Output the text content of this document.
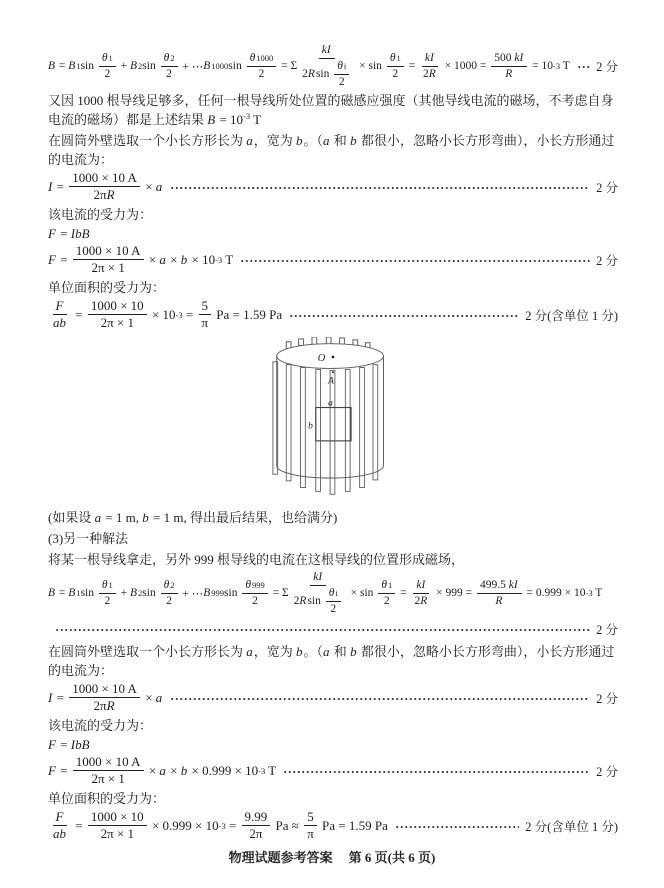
B = B 1 $\sin \frac{\theta 1}{2} + B$ 2 $\sin \frac{\theta 2}{2}$ + ⋯ B 1000 $\sin \frac{\theta 1000}{2} = \Sigma \frac{kI}{2 R \sin \frac{\text{θ i}}{2}} \times \sin \frac{\theta 1}{2} = \frac{kI}{2 R} \times 1000 = \frac{500 kI}{R} = 10$ -3 T 2 分
又因 1000 根导线足够多，任何一根导线所处位置的磁感应强度（其他导线电流的磁场，不考虑自身电流的磁场）都是上述结果 $B = 10^{-3}$ T
在圆筒外壁选取一个小长方形长为 a，宽为 b。（a 和 b 都很小，忽略小长方形弯曲），小长方形通过的电流为：
$I = \frac{1000 \times 10 A}{\text{2π R}} \times a$	2 分
该电流的受力为：
F = IbB
$F = \frac{1000 \times 10 A}{2\pi \times 1} \times a \times b \times 10$ -3 T	2 分
单位面积的受力为：
$\frac{F}{ab} = \frac{1000 \times 10}{2\pi \times 1} \times 10$ $-3 = \frac{5}{\pi}$ Pa = 1.59 Pa	2 分(含单位 1 分)
O
A
a
b
(如果设 a = 1 m, b = 1 m, 得出最后结果，也给满分)
(3)另一种解法
将某一根导线拿走，另外 999 根导线的电流在这根导线的位置形成磁场，
B = B 1 $\sin \frac{\theta 1}{2} + B$ 2 $\sin \frac{\theta 2}{2}$ + ⋯ B 999 $\sin \frac{\theta 999}{2} = \Sigma \frac{kI}{2 R \sin \frac{\text{θ i}}{2}} \times \sin \frac{\theta 1}{2} = \frac{kI}{2 R} \times 999 = \frac{499.5 kI}{R} = 0.999 \times 10$ -3 T
2 分
在圆筒外壁选取一个小长方形长为 a，宽为 b。（a 和 b 都很小，忽略小长方形弯曲），小长方形通过的电流为：
$I = \frac{1000 \times 10 A}{\text{2π R}} \times a$	2 分
该电流的受力为：
F = IbB
$F = \frac{1000 \times 10 A}{2\pi \times 1} \times a \times b \times 0.999 \times 10$ -3 T	2 分
单位面积的受力为：
$\frac{F}{ab} = \frac{1000 \times 10}{2\pi \times 1} \times 0.999 \times 10$ $-3 = \frac{9.99}{2\pi}$ $Pa \approx \frac{5}{\pi}$ Pa = 1.59 Pa	2 分(含单位 1 分)
物理试题参考答案 第 6 页(共 6 页)
